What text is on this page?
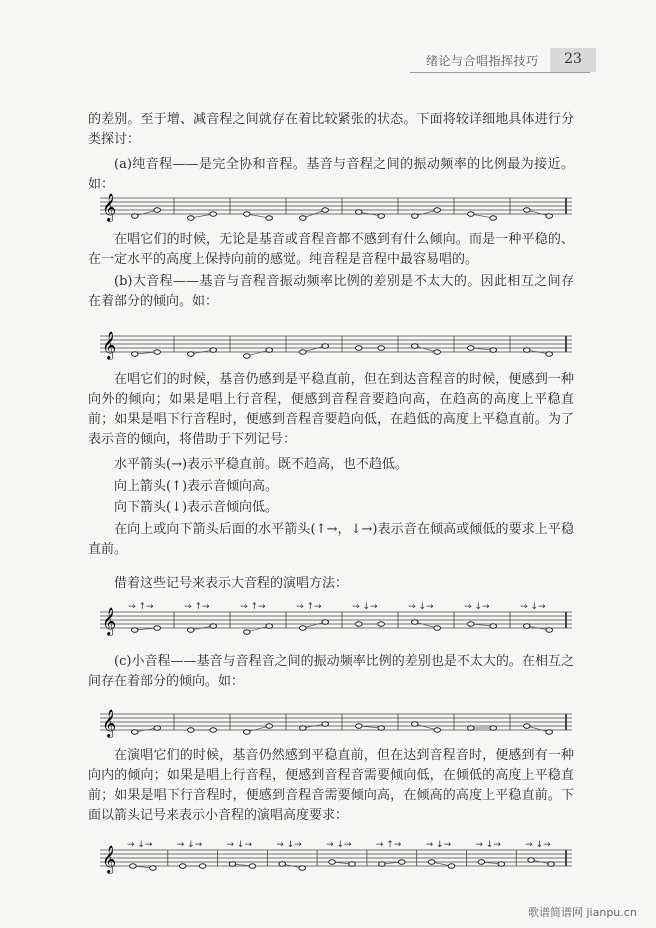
绪论与合唱指挥技巧	23

的差别。至于增、减音程之间就存在着比较紧张的状态。下面将较详细地具体进行分类探讨：

(a)纯音程——是完全协和音程。基音与音程之间的振动频率的比例最为接近。如：

𝄞

在唱它们的时候，无论是基音或音程音都不感到有什么倾向。而是一种平稳的、在一定水平的高度上保持向前的感觉。纯音程是音程中最容易唱的。

(b)大音程——基音与音程音振动频率比例的差别是不太大的。因此相互之间存在着部分的倾向。如：

𝄞

在唱它们的时候，基音仍感到是平稳直前，但在到达音程音的时候，便感到一种向外的倾向；如果是唱上行音程，便感到音程音要趋向高，在趋高的高度上平稳直前；如果是唱下行音程时，便感到音程音要趋向低，在趋低的高度上平稳直前。为了表示音的倾向，将借助于下列记号：

水平箭头(→)表示平稳直前。既不趋高，也不趋低。

向上箭头(↑)表示音倾向高。

向下箭头(↓)表示音倾向低。

在向上或向下箭头后面的水平箭头(↑→，↓→)表示音在倾高或倾低的要求上平稳直前。

借着这些记号来表示大音程的演唱方法：

𝄞 → ↑→	→ ↑→	→ ↑→	→ ↑→	→ ↓→	→ ↓→	→ ↓→	→ ↓→

(c)小音程——基音与音程音之间的振动频率比例的差别也是不太大的。在相互之间存在着部分的倾向。如：

𝄞

在演唱它们的时候，基音仍然感到平稳直前，但在达到音程音时，便感到有一种向内的倾向；如果是唱上行音程，便感到音程音需要倾向低，在倾低的高度上平稳直前；如果是唱下行音程时，便感到音程音需要倾向高，在倾高的高度上平稳直前。下面以箭头记号来表示小音程的演唱高度要求：

𝄞 → ↓→	→ ↓→	→ ↓→	→ ↓→	→ ↓→	→ ↑→	→ ↓→	→ ↓→	→ ↓→
歌谱简谱网 jianpu.cn
